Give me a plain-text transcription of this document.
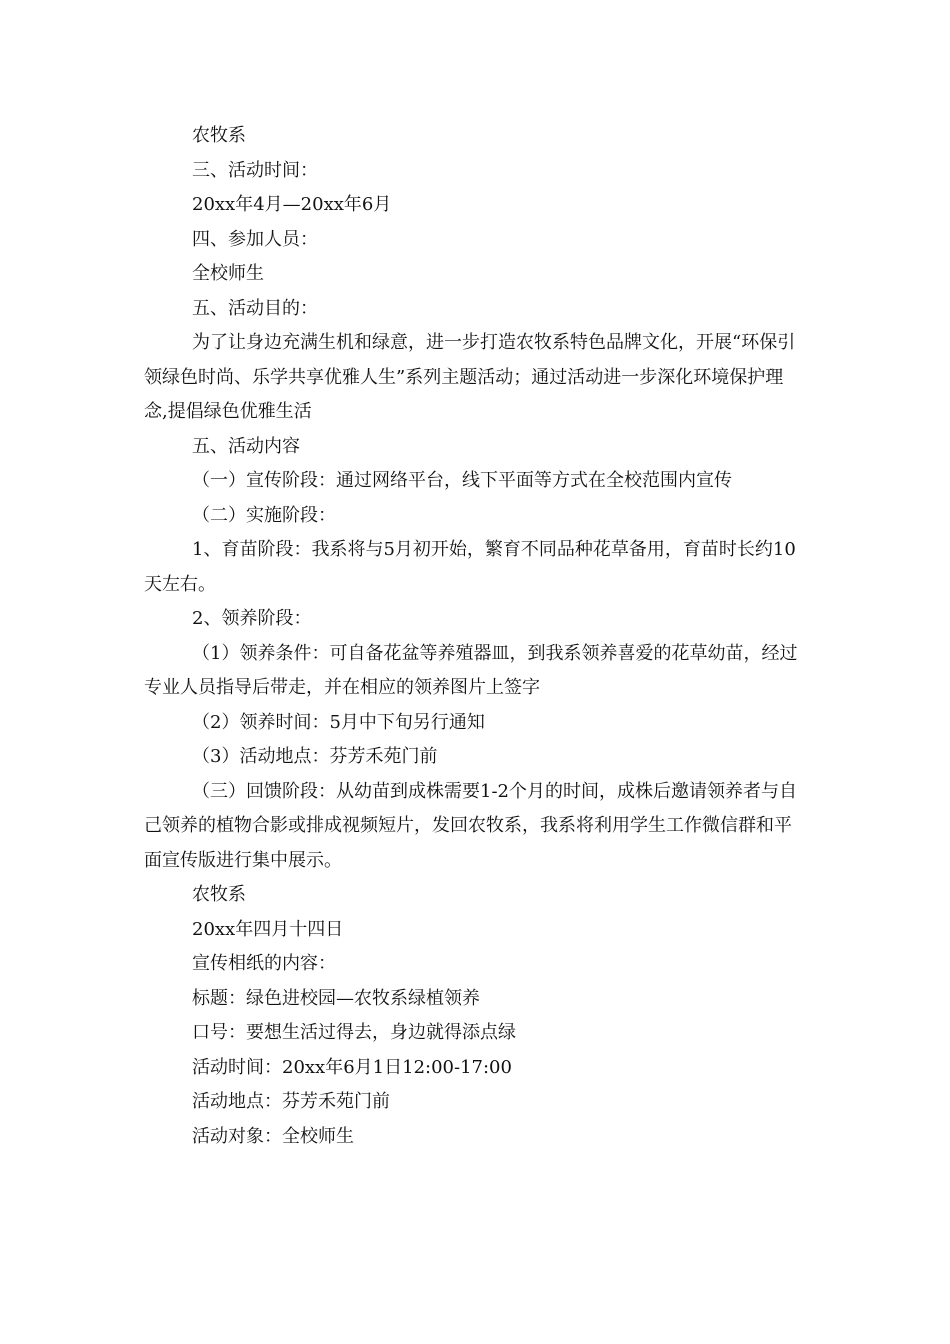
农牧系

三、活动时间：

20xx年4月—20xx年6月

四、参加人员：

全校师生

五、活动目的：

为了让身边充满生机和绿意，进一步打造农牧系特色品牌文化，开展“环保引领绿色时尚、乐学共享优雅人生”系列主题活动；通过活动进一步深化环境保护理念,提倡绿色优雅生活

五、活动内容

（一）宣传阶段：通过网络平台，线下平面等方式在全校范围内宣传

（二）实施阶段：

1、育苗阶段：我系将与5月初开始，繁育不同品种花草备用，育苗时长约10天左右。

2、领养阶段：

（1）领养条件：可自备花盆等养殖器皿，到我系领养喜爱的花草幼苗，经过专业人员指导后带走，并在相应的领养图片上签字

（2）领养时间：5月中下旬另行通知

（3）活动地点：芬芳禾苑门前

（三）回馈阶段：从幼苗到成株需要1-2个月的时间，成株后邀请领养者与自己领养的植物合影或排成视频短片，发回农牧系，我系将利用学生工作微信群和平面宣传版进行集中展示。

农牧系

20xx年四月十四日

宣传相纸的内容：

标题：绿色进校园—农牧系绿植领养

口号：要想生活过得去，身边就得添点绿

活动时间：20xx年6月1日12:00-17:00

活动地点：芬芳禾苑门前

活动对象：全校师生
